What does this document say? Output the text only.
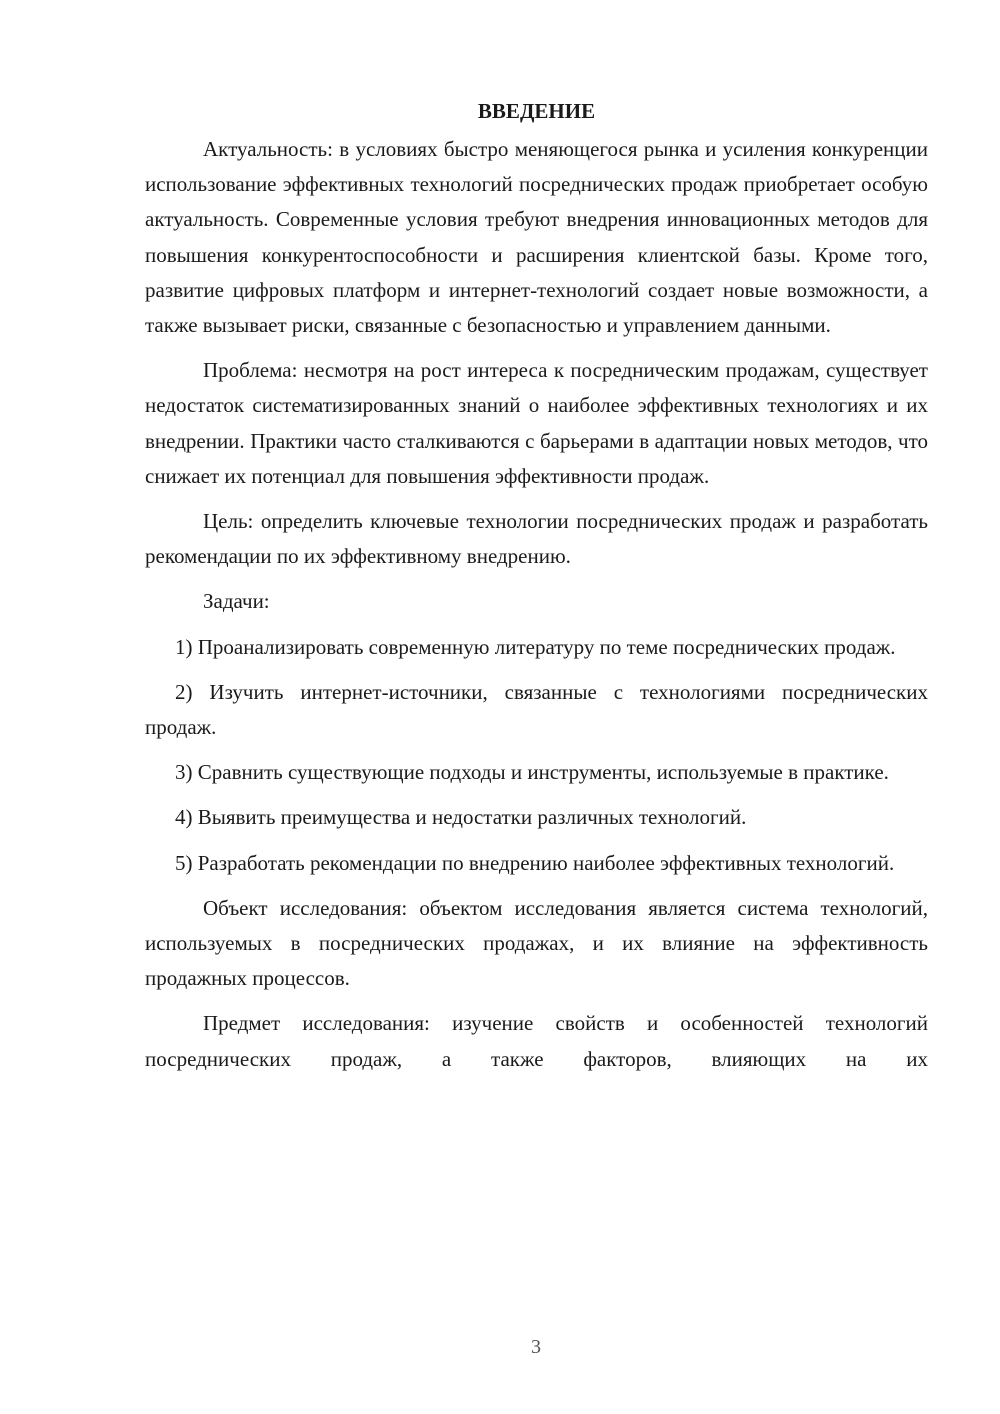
ВВЕДЕНИЕ

Актуальность: в условиях быстро меняющегося рынка и усиления конкуренции использование эффективных технологий посреднических продаж приобретает особую актуальность. Современные условия требуют внедрения инновационных методов для повышения конкурентоспособности и расширения клиентской базы. Кроме того, развитие цифровых платформ и интернет-технологий создает новые возможности, а также вызывает риски, связанные с безопасностью и управлением данными.

Проблема: несмотря на рост интереса к посредническим продажам, существует недостаток систематизированных знаний о наиболее эффективных технологиях и их внедрении. Практики часто сталкиваются с барьерами в адаптации новых методов, что снижает их потенциал для повышения эффективности продаж.

Цель: определить ключевые технологии посреднических продаж и разработать рекомендации по их эффективному внедрению.

Задачи:

1) Проанализировать современную литературу по теме посреднических продаж.

2) Изучить интернет-источники, связанные с технологиями посреднических продаж.

3) Сравнить существующие подходы и инструменты, используемые в практике.

4) Выявить преимущества и недостатки различных технологий.

5) Разработать рекомендации по внедрению наиболее эффективных технологий.

Объект исследования: объектом исследования является система технологий, используемых в посреднических продажах, и их влияние на эффективность продажных процессов.

Предмет исследования: изучение свойств и особенностей технологий посреднических продаж, а также факторов, влияющих на их

3
